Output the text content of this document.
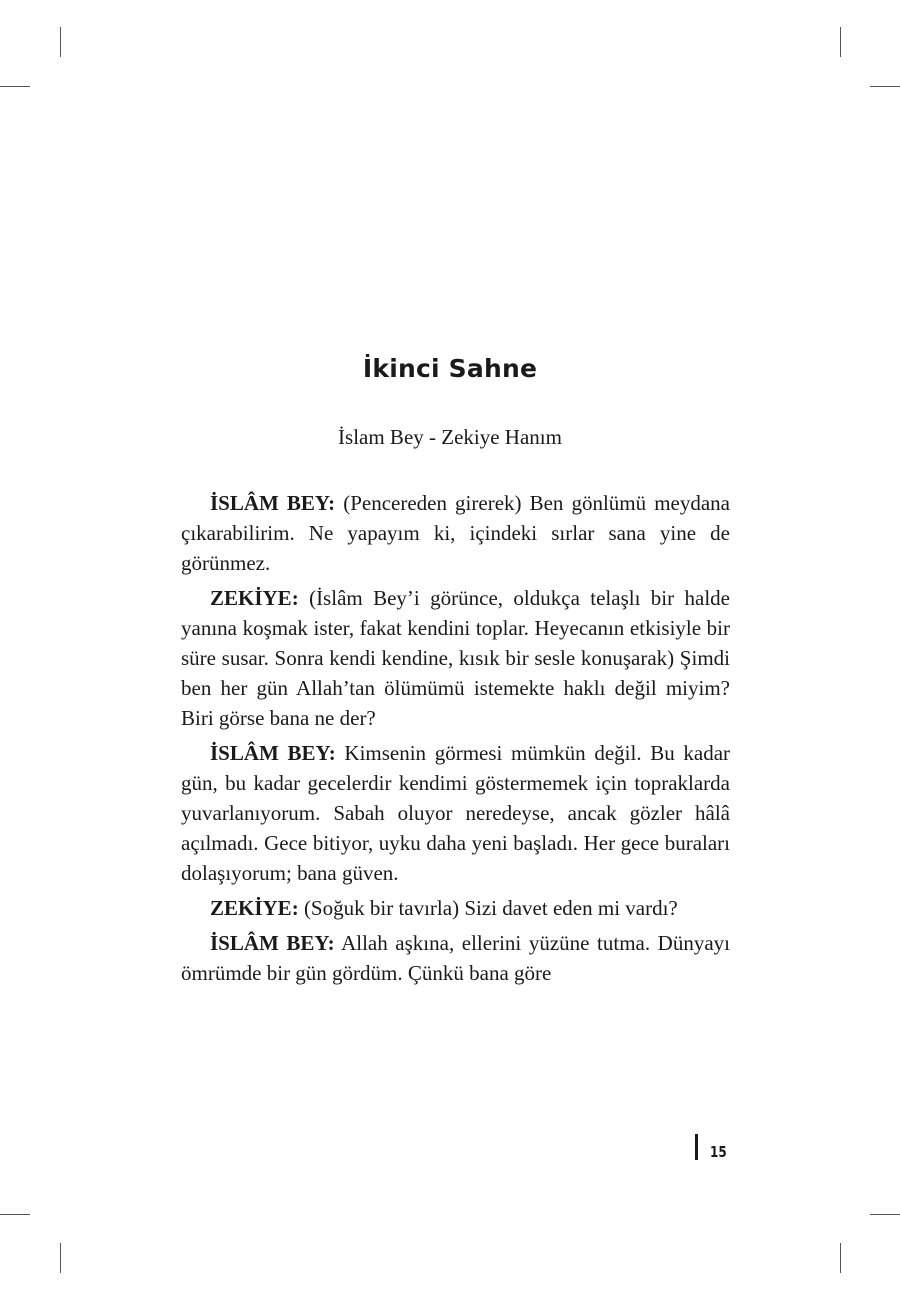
İkinci Sahne
İslam Bey - Zekiye Hanım

İSLÂM BEY: (Pencereden girerek) Ben gönlümü meydana çıkarabilirim. Ne yapayım ki, içindeki sırlar sana yine de görünmez.

ZEKİYE: (İslâm Bey’i görünce, oldukça telaşlı bir halde yanına koşmak ister, fakat kendini toplar. Heyecanın etkisiyle bir süre susar. Sonra kendi kendine, kısık bir sesle konuşarak) Şimdi ben her gün Allah’tan ölümümü istemekte haklı değil miyim? Biri görse bana ne der?

İSLÂM BEY: Kimsenin görmesi mümkün değil. Bu kadar gün, bu kadar gecelerdir kendimi göstermemek için topraklarda yuvarlanıyorum. Sabah oluyor neredeyse, ancak gözler hâlâ açılmadı. Gece bitiyor, uyku daha yeni başladı. Her gece buraları dolaşıyorum; bana güven.

ZEKİYE: (Soğuk bir tavırla) Sizi davet eden mi vardı?

İSLÂM BEY: Allah aşkına, ellerini yüzüne tutma. Dünyayı ömrümde bir gün gördüm. Çünkü bana göre

15
